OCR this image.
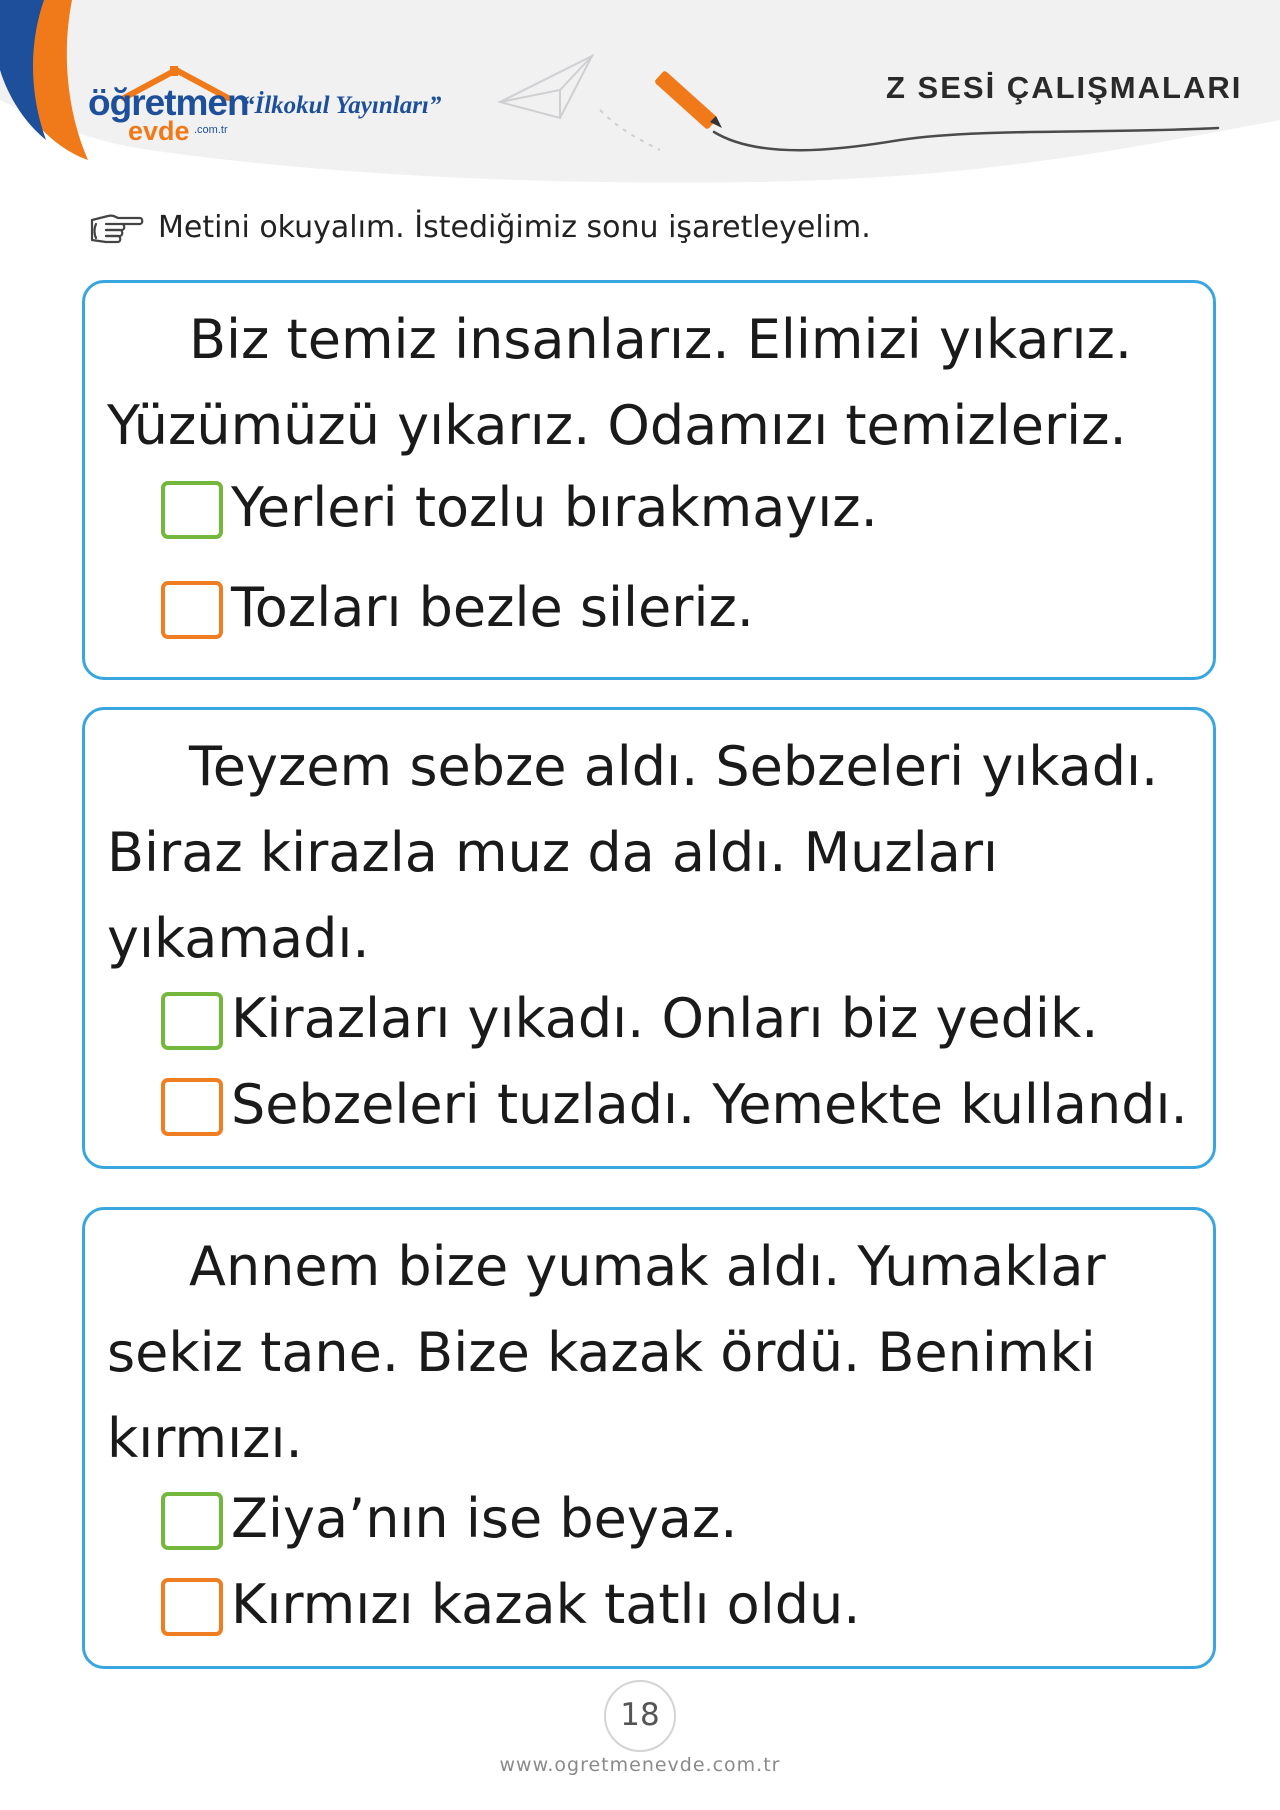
öğretmen
evde .com.tr
“İlkokul Yayınları”
Z SESİ ÇALIŞMALARI
Metini okuyalım. İstediğimiz sonu işaretleyelim.

Biz temiz insanlarız. Elimizi yıkarız. Yüzümüzü yıkarız. Odamızı temizleriz.

Yerleri tozlu bırakmayız.
Tozları bezle sileriz.

Teyzem sebze aldı. Sebzeleri yıkadı. Biraz kirazla muz da aldı. Muzları yıkamadı.

Kirazları yıkadı. Onları biz yedik.
Sebzeleri tuzladı. Yemekte kullandı.

Annem bize yumak aldı. Yumaklar sekiz tane. Bize kazak ördü. Benimki kırmızı.

Ziya’nın ise beyaz.
Kırmızı kazak tatlı oldu.
18
www.ogretmenevde.com.tr
